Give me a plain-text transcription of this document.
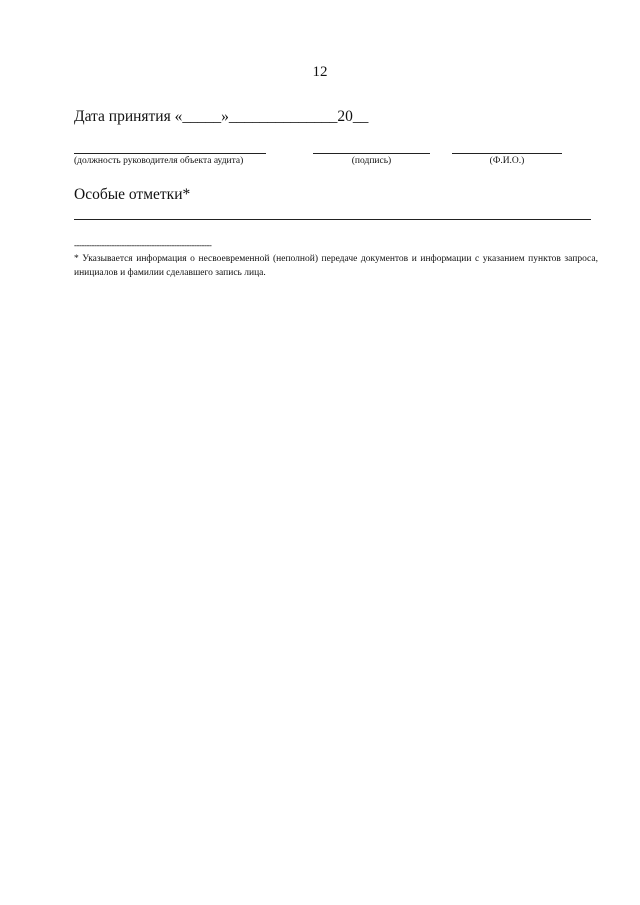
12
Дата принятия «_____»______________20__
(должность руководителя объекта аудита)	(подпись)	(Ф.И.О.)
Особые отметки*
-------------------------------------------------------
* Указывается информация о несвоевременной (неполной) передаче документов и информации с указанием пунктов запроса, инициалов и фамилии сделавшего запись лица.
